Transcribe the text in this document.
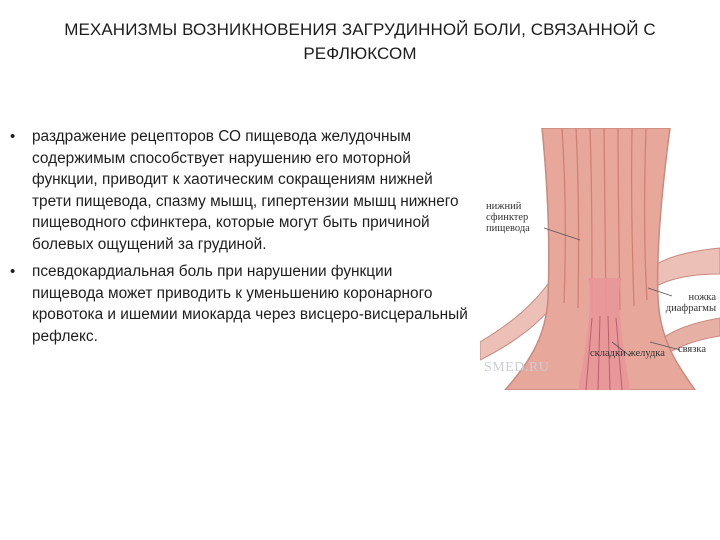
МЕХАНИЗМЫ ВОЗНИКНОВЕНИЯ ЗАГРУДИННОЙ БОЛИ, СВЯЗАННОЙ С РЕФЛЮКСОМ
• раздражение рецепторов СО пищевода желудочным содержимым способствует нарушению его моторной функции, приводит к хаотическим сокращениям нижней трети пищевода, спазму мышц, гипертензии мышц нижнего пищеводного сфинктера, которые могут быть причиной болевых ощущений за грудиной.
• псевдокардиальная боль при нарушении функции пищевода может приводить к уменьшению коронарного кровотока и ишемии миокарда через висцеро-висцеральный рефлекс.
SMED.RU
нижний сфинктер пищевода
ножка диафрагмы
связка
складки желудка
